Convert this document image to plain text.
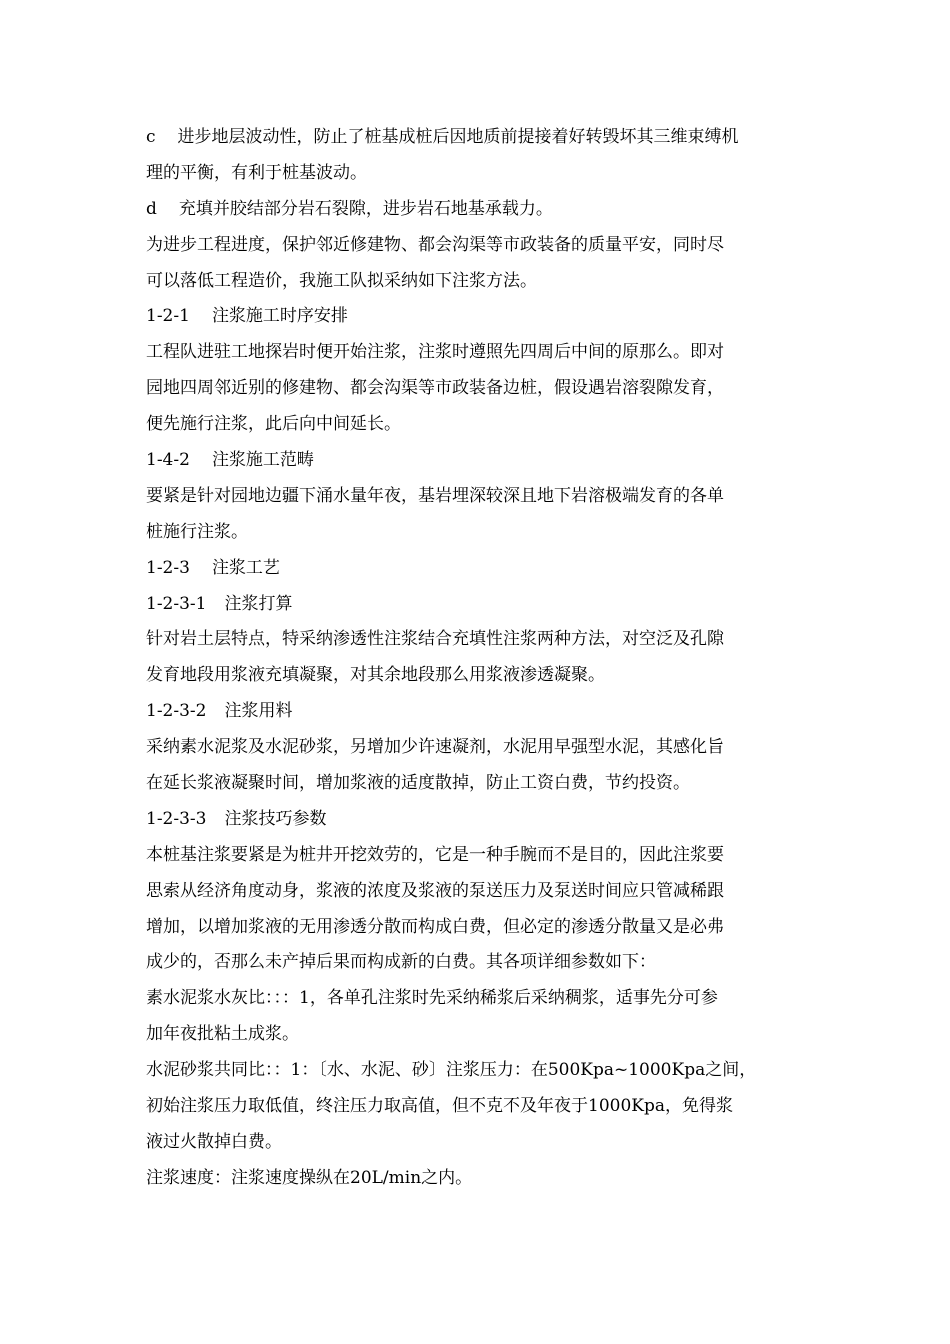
c 进步地层波动性，防止了桩基成桩后因地质前提接着好转毁坏其三维束缚机
理的平衡，有利于桩基波动。
d 充填并胶结部分岩石裂隙，进步岩石地基承载力。
为进步工程进度，保护邻近修建物、都会沟渠等市政装备的质量平安，同时尽
可以落低工程造价，我施工队拟采纳如下注浆方法。
1-2-1 注浆施工时序安排
工程队进驻工地探岩时便开始注浆，注浆时遵照先四周后中间的原那么。即对
园地四周邻近别的修建物、都会沟渠等市政装备边桩，假设遇岩溶裂隙发育，
便先施行注浆，此后向中间延长。
1-4-2 注浆施工范畴
要紧是针对园地边疆下涌水量年夜，基岩埋深较深且地下岩溶极端发育的各单
桩施行注浆。
1-2-3 注浆工艺
1-2-3-1 注浆打算
针对岩土层特点，特采纳渗透性注浆结合充填性注浆两种方法，对空泛及孔隙
发育地段用浆液充填凝聚，对其余地段那么用浆液渗透凝聚。
1-2-3-2 注浆用料
采纳素水泥浆及水泥砂浆，另增加少许速凝剂，水泥用早强型水泥，其感化旨
在延长浆液凝聚时间，增加浆液的适度散掉，防止工资白费，节约投资。
1-2-3-3 注浆技巧参数
本桩基注浆要紧是为桩井开挖效劳的，它是一种手腕而不是目的，因此注浆要
思索从经济角度动身，浆液的浓度及浆液的泵送压力及泵送时间应只管减稀跟
增加，以增加浆液的无用渗透分散而构成白费，但必定的渗透分散量又是必弗
成少的，否那么未产掉后果而构成新的白费。其各项详细参数如下：
素水泥浆水灰比：：：1，各单孔注浆时先采纳稀浆后采纳稠浆，适事先分可参
加年夜批粘土成浆。
水泥砂浆共同比：：1：〔水、水泥、砂〕注浆压力：在500Kpa~1000Kpa之间，
初始注浆压力取低值，终注压力取高值，但不克不及年夜于1000Kpa，免得浆
液过火散掉白费。
注浆速度：注浆速度操纵在20L/min之内。
